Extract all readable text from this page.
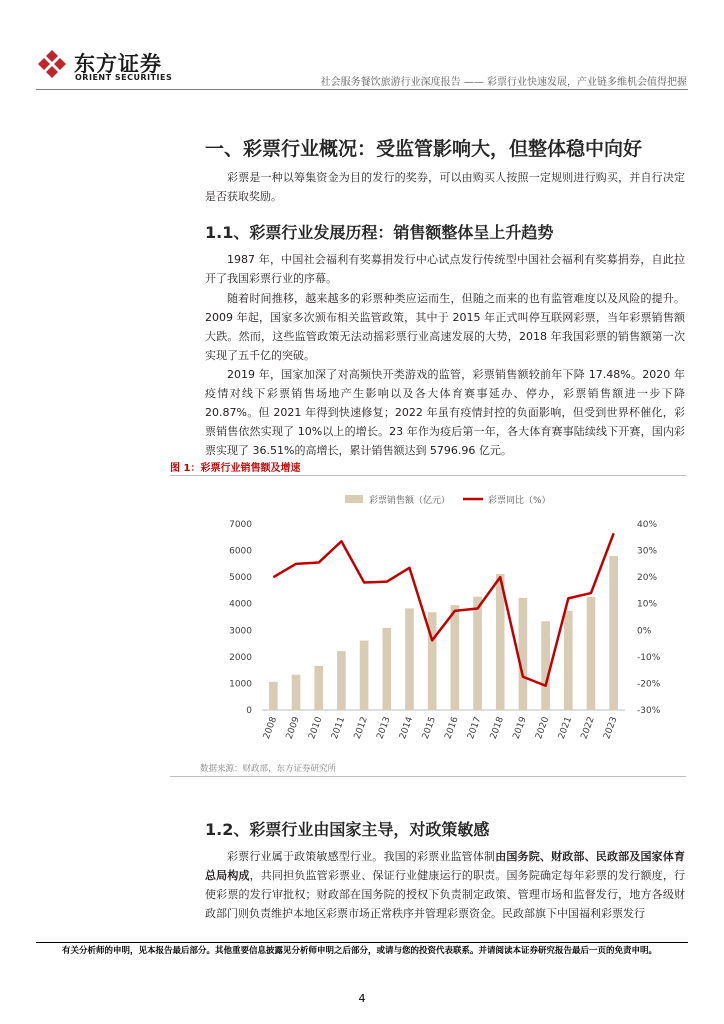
东方证券
ORIENT SECURITIES	社会服务餐饮旅游行业深度报告 —— 彩票行业快速发展，产业链多维机会值得把握
一、彩票行业概况：受监管影响大，但整体稳中向好

彩票是一种以筹集资金为目的发行的奖券，可以由购买人按照一定规则进行购买，并自行决定是否获取奖励。

1.1、彩票行业发展历程：销售额整体呈上升趋势

1987 年，中国社会福利有奖募捐发行中心试点发行传统型中国社会福利有奖募捐券，自此拉开了我国彩票行业的序幕。

随着时间推移，越来越多的彩票种类应运而生，但随之而来的也有监管难度以及风险的提升。2009 年起，国家多次颁布相关监管政策，其中于 2015 年正式叫停互联网彩票，当年彩票销售额大跌。然而，这些监管政策无法动摇彩票行业高速发展的大势，2018 年我国彩票的销售额第一次实现了五千亿的突破。

2019 年，国家加深了对高频快开类游戏的监管，彩票销售额较前年下降 17.48%。2020 年疫情对线下彩票销售场地产生影响以及各大体育赛事延办、停办，彩票销售额进一步下降 20.87%。但 2021 年得到快速修复；2022 年虽有疫情封控的负面影响，但受到世界杯催化，彩票销售依然实现了 10%以上的增长。23 年作为疫后第一年，各大体育赛事陆续线下开赛，国内彩票实现了 36.51%的高增长，累计销售额达到 5796.96 亿元。

图 1：彩票行业销售额及增速
彩票销售额（亿元）	彩票同比（%）
0
1000
2000
3000
4000
5000
6000
7000
-30%
-20%
-10%
0%
10%
20%
30%
40%
2008 2009 2010 2011 2012 2013 2014 2015 2016 2017 2018 2019 2020 2021 2022 2023
数据来源：财政部，东方证券研究所
1.2、彩票行业由国家主导，对政策敏感

彩票行业属于政策敏感型行业。我国的彩票业监管体制由国务院、财政部、民政部及国家体育总局构成，共同担负监管彩票业、保证行业健康运行的职责。国务院确定每年彩票的发行额度，行使彩票的发行审批权；财政部在国务院的授权下负责制定政策、管理市场和监督发行，地方各级财政部门则负责维护本地区彩票市场正常秩序并管理彩票资金。民政部旗下中国福利彩票发行

有关分析师的申明，见本报告最后部分。其他重要信息披露见分析师申明之后部分，或请与您的投资代表联系。并请阅读本证券研究报告最后一页的免责申明。
4
